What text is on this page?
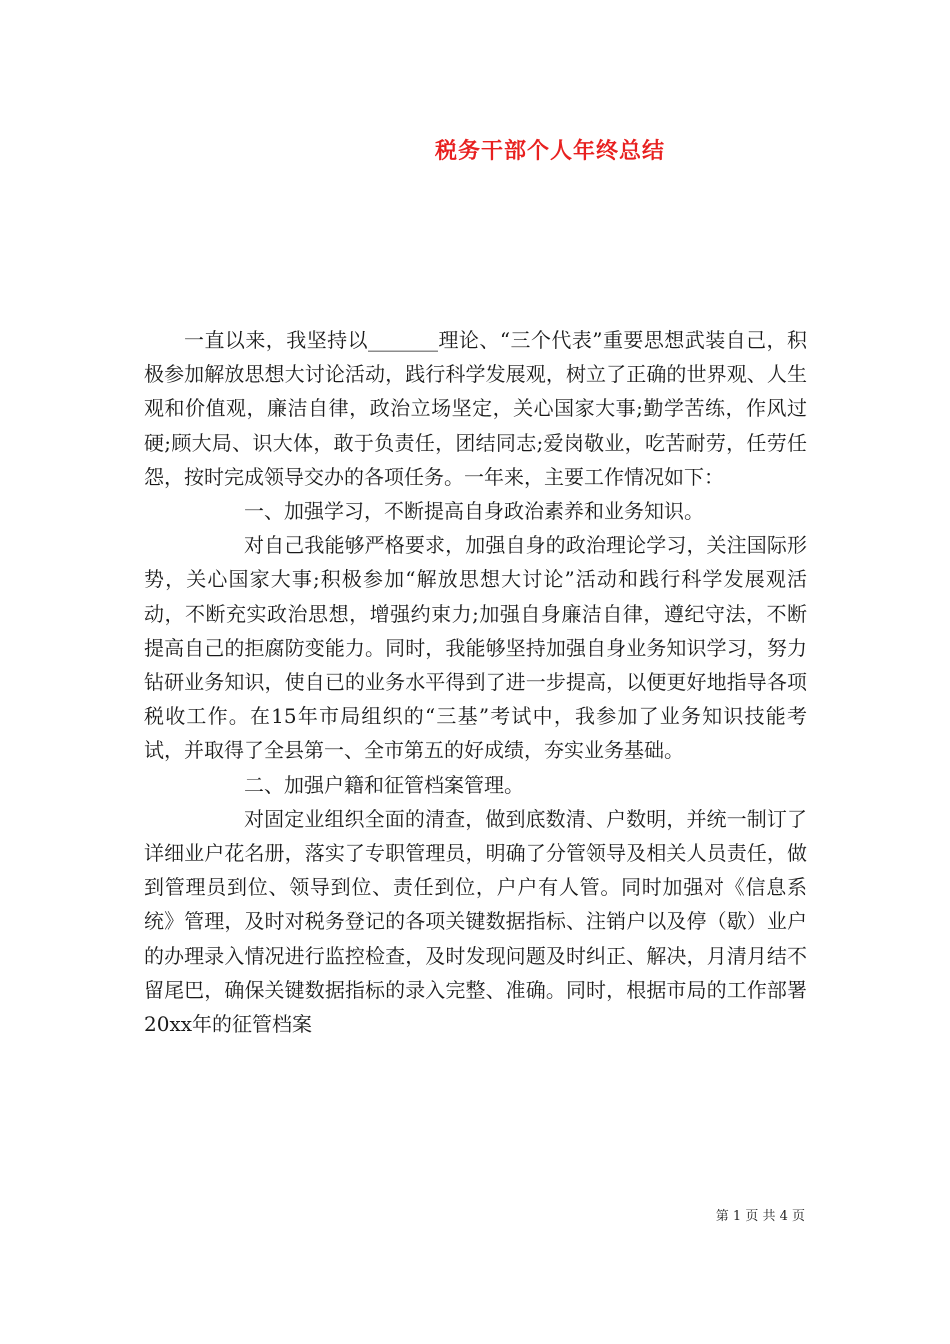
税务干部个人年终总结

一直以来，我坚持以_______理论、“三个代表”重要思想武装自己，积极参加解放思想大讨论活动，践行科学发展观，树立了正确的世界观、人生观和价值观，廉洁自律，政治立场坚定，关心国家大事;勤学苦练，作风过硬;顾大局、识大体，敢于负责任，团结同志;爱岗敬业，吃苦耐劳，任劳任怨，按时完成领导交办的各项任务。一年来，主要工作情况如下：

一、加强学习，不断提高自身政治素养和业务知识。

对自己我能够严格要求，加强自身的政治理论学习，关注国际形势，关心国家大事;积极参加“解放思想大讨论”活动和践行科学发展观活动，不断充实政治思想，增强约束力;加强自身廉洁自律，遵纪守法，不断提高自己的拒腐防变能力。同时，我能够坚持加强自身业务知识学习，努力钻研业务知识，使自已的业务水平得到了进一步提高，以便更好地指导各项税收工作。在15年市局组织的“三基”考试中，我参加了业务知识技能考试，并取得了全县第一、全市第五的好成绩，夯实业务基础。

二、加强户籍和征管档案管理。

对固定业组织全面的清查，做到底数清、户数明，并统一制订了详细业户花名册，落实了专职管理员，明确了分管领导及相关人员责任，做到管理员到位、领导到位、责任到位，户户有人管。同时加强对《信息系统》管理，及时对税务登记的各项关键数据指标、注销户以及停（歇）业户的办理录入情况进行监控检查，及时发现问题及时纠正、解决，月清月结不留尾巴，确保关键数据指标的录入完整、准确。同时，根据市局的工作部署20xx年的征管档案

第 1 页 共 4 页
